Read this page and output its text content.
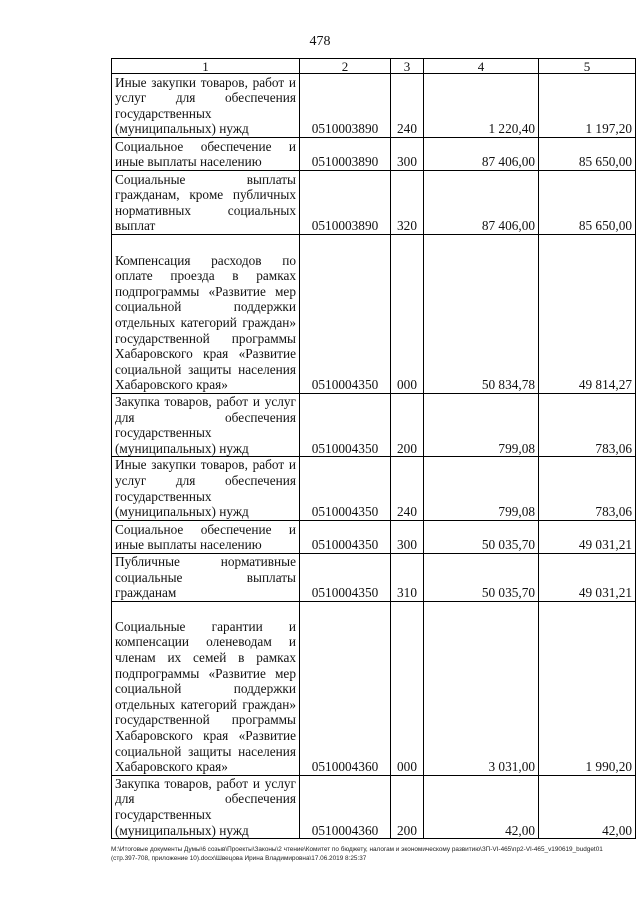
478
1	2	3	4	5
Иные закупки товаров, работ и услуг для обеспечения государственных (муниципальных) нужд	0510003890	240	1 220,40	1 197,20
Социальное обеспечение и иные выплаты населению	0510003890	300	87 406,00	85 650,00
Социальные выплаты гражданам, кроме публичных нормативных социальных выплат	0510003890	320	87 406,00	85 650,00
Компенсация расходов по оплате проезда в рамках подпрограммы «Развитие мер социальной поддержки отдельных категорий граждан» государственной программы Хабаровского края «Развитие социальной защиты населения Хабаровского края»	0510004350	000	50 834,78	49 814,27
Закупка товаров, работ и услуг для обеспечения государственных (муниципальных) нужд	0510004350	200	799,08	783,06
Иные закупки товаров, работ и услуг для обеспечения государственных (муниципальных) нужд	0510004350	240	799,08	783,06
Социальное обеспечение и иные выплаты населению	0510004350	300	50 035,70	49 031,21
Публичные нормативные социальные выплаты гражданам	0510004350	310	50 035,70	49 031,21
Социальные гарантии и компенсации оленеводам и членам их семей в рамках подпрограммы «Развитие мер социальной поддержки отдельных категорий граждан» государственной программы Хабаровского края «Развитие социальной защиты населения Хабаровского края»	0510004360	000	3 031,00	1 990,20
Закупка товаров, работ и услуг для обеспечения государственных (муниципальных) нужд	0510004360	200	42,00	42,00
М:\Итоговые документы Думы\6 созыв\Проекты\Законы\2 чтение\Комитет по бюджету, налогам и экономическому развитию\ЗП-VI-465\пр2-VI-465_v190619_budget01 (стр.397-708, приложение 10).docx\Швецова Ирина Владимировна\17.06.2019 8:25:37
